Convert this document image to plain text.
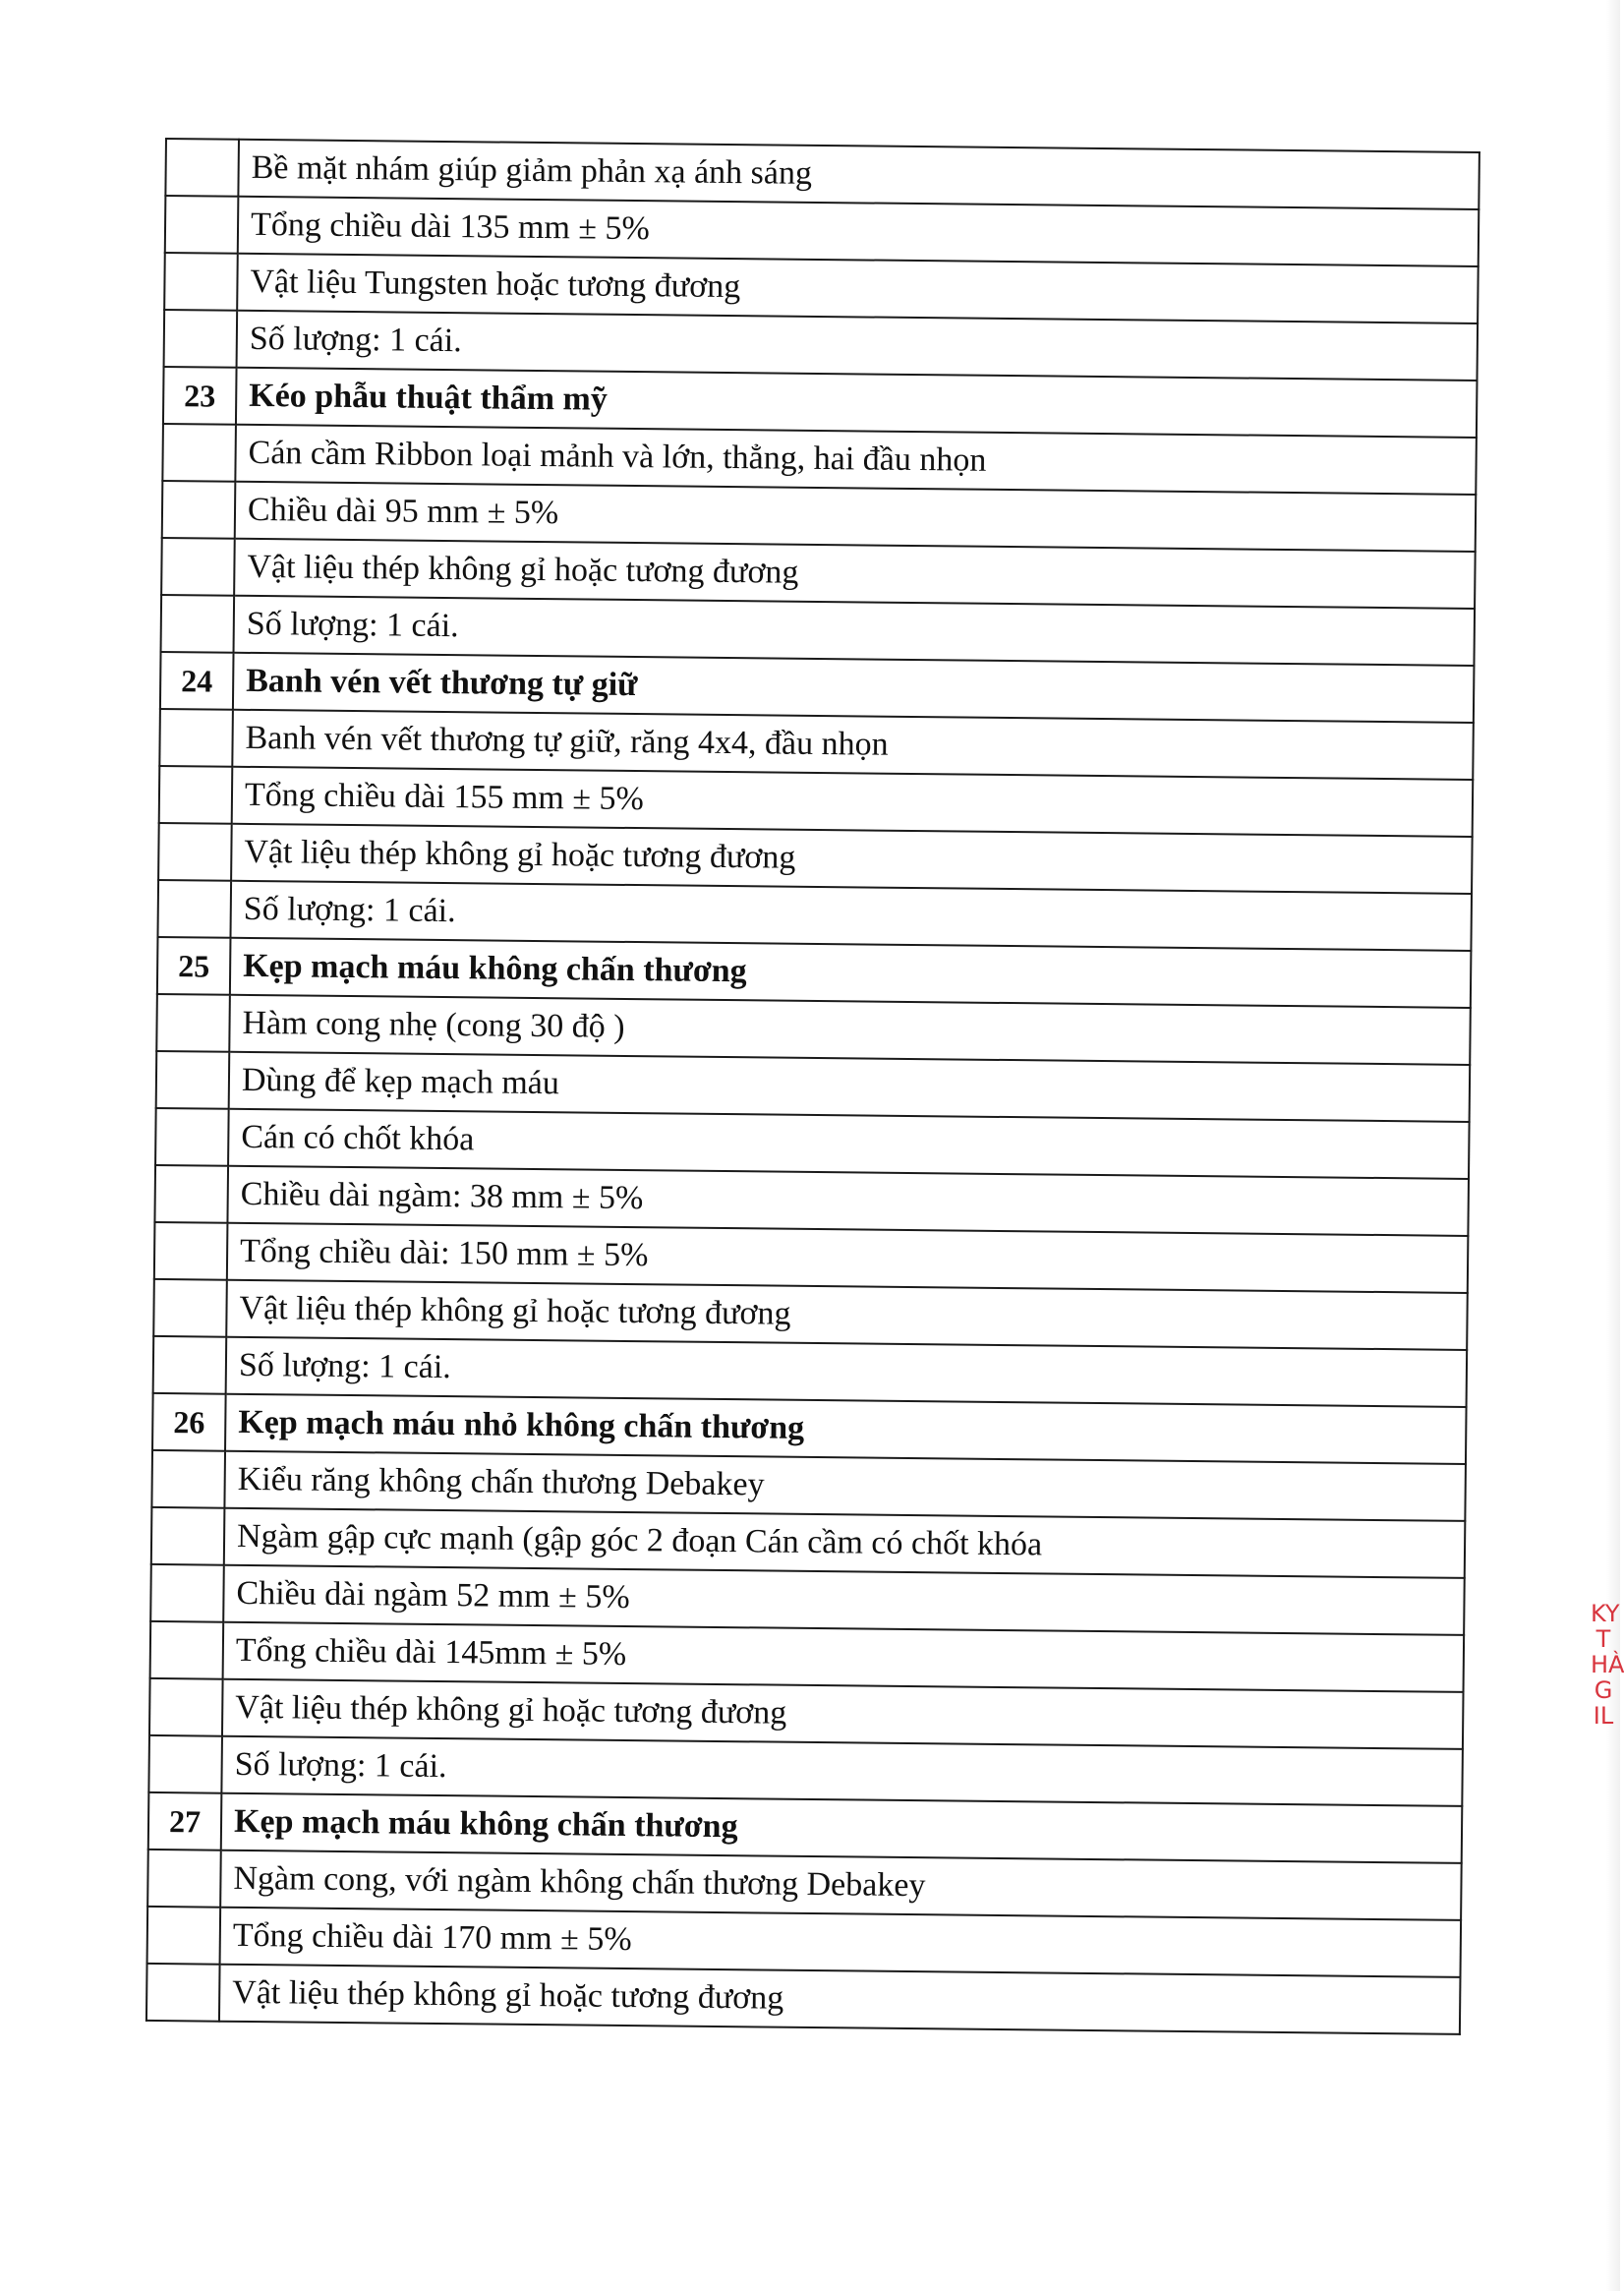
	Bề mặt nhám giúp giảm phản xạ ánh sáng
	Tổng chiều dài 135 mm ± 5%
	Vật liệu Tungsten hoặc tương đương
	Số lượng: 1 cái.
23	Kéo phẫu thuật thẩm mỹ
	Cán cầm Ribbon loại mảnh và lớn, thẳng, hai đầu nhọn
	Chiều dài 95 mm ± 5%
	Vật liệu thép không gỉ hoặc tương đương
	Số lượng: 1 cái.
24	Banh vén vết thương tự giữ
	Banh vén vết thương tự giữ, răng 4x4, đầu nhọn
	Tổng chiều dài 155 mm ± 5%
	Vật liệu thép không gỉ hoặc tương đương
	Số lượng: 1 cái.
25	Kẹp mạch máu không chấn thương
	Hàm cong nhẹ (cong 30 độ )
	Dùng để kẹp mạch máu
	Cán có chốt khóa
	Chiều dài ngàm: 38 mm ± 5%
	Tổng chiều dài: 150 mm ± 5%
	Vật liệu thép không gỉ hoặc tương đương
	Số lượng: 1 cái.
26	Kẹp mạch máu nhỏ không chấn thương
	Kiểu răng không chấn thương Debakey
	Ngàm gập cực mạnh (gập góc 2 đoạn Cán cầm có chốt khóa
	Chiều dài ngàm 52 mm ± 5%
	Tổng chiều dài 145mm ± 5%
	Vật liệu thép không gỉ hoặc tương đương
	Số lượng: 1 cái.
27	Kẹp mạch máu không chấn thương
	Ngàm cong, với ngàm không chấn thương Debakey
	Tổng chiều dài 170 mm ± 5%
	Vật liệu thép không gỉ hoặc tương đương
KY
T
HÀ
G
IL
